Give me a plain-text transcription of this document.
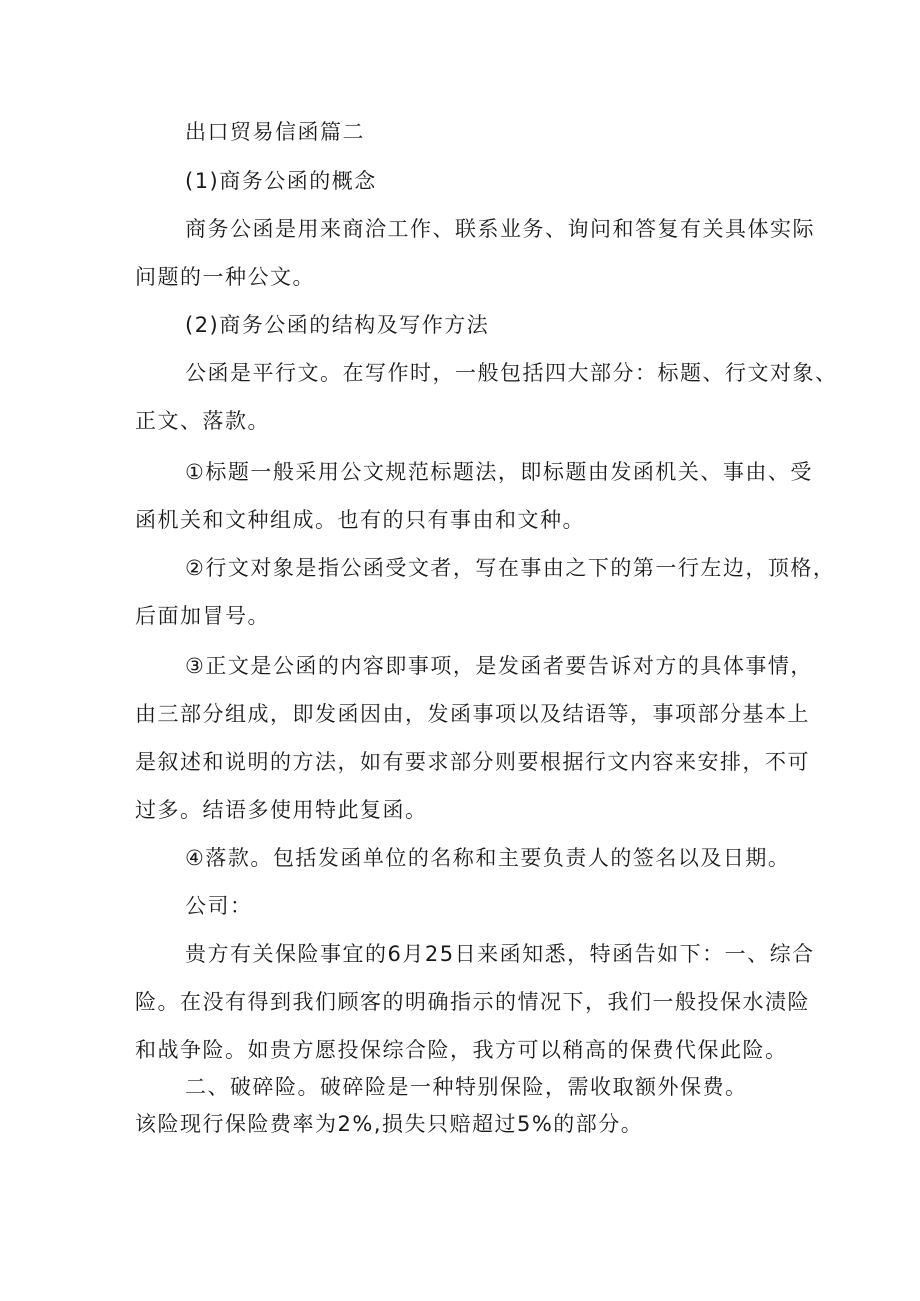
出口贸易信函篇二
(1)商务公函的概念
商务公函是用来商洽工作、联系业务、询问和答复有关具体实际
问题的一种公文。
(2)商务公函的结构及写作方法
公函是平行文。在写作时，一般包括四大部分：标题、行文对象、
正文、落款。
①标题一般采用公文规范标题法，即标题由发函机关、事由、受
函机关和文种组成。也有的只有事由和文种。
②行文对象是指公函受文者，写在事由之下的第一行左边，顶格，
后面加冒号。
③正文是公函的内容即事项，是发函者要告诉对方的具体事情，
由三部分组成，即发函因由，发函事项以及结语等，事项部分基本上
是叙述和说明的方法，如有要求部分则要根据行文内容来安排，不可
过多。结语多使用特此复函。
④落款。包括发函单位的名称和主要负责人的签名以及日期。
公司：
贵方有关保险事宜的6月25日来函知悉，特函告如下：一、综合
险。在没有得到我们顾客的明确指示的情况下，我们一般投保水渍险
和战争险。如贵方愿投保综合险，我方可以稍高的保费代保此险。
二、破碎险。破碎险是一种特别保险，需收取额外保费。
该险现行保险费率为2%,损失只赔超过5%的部分。
